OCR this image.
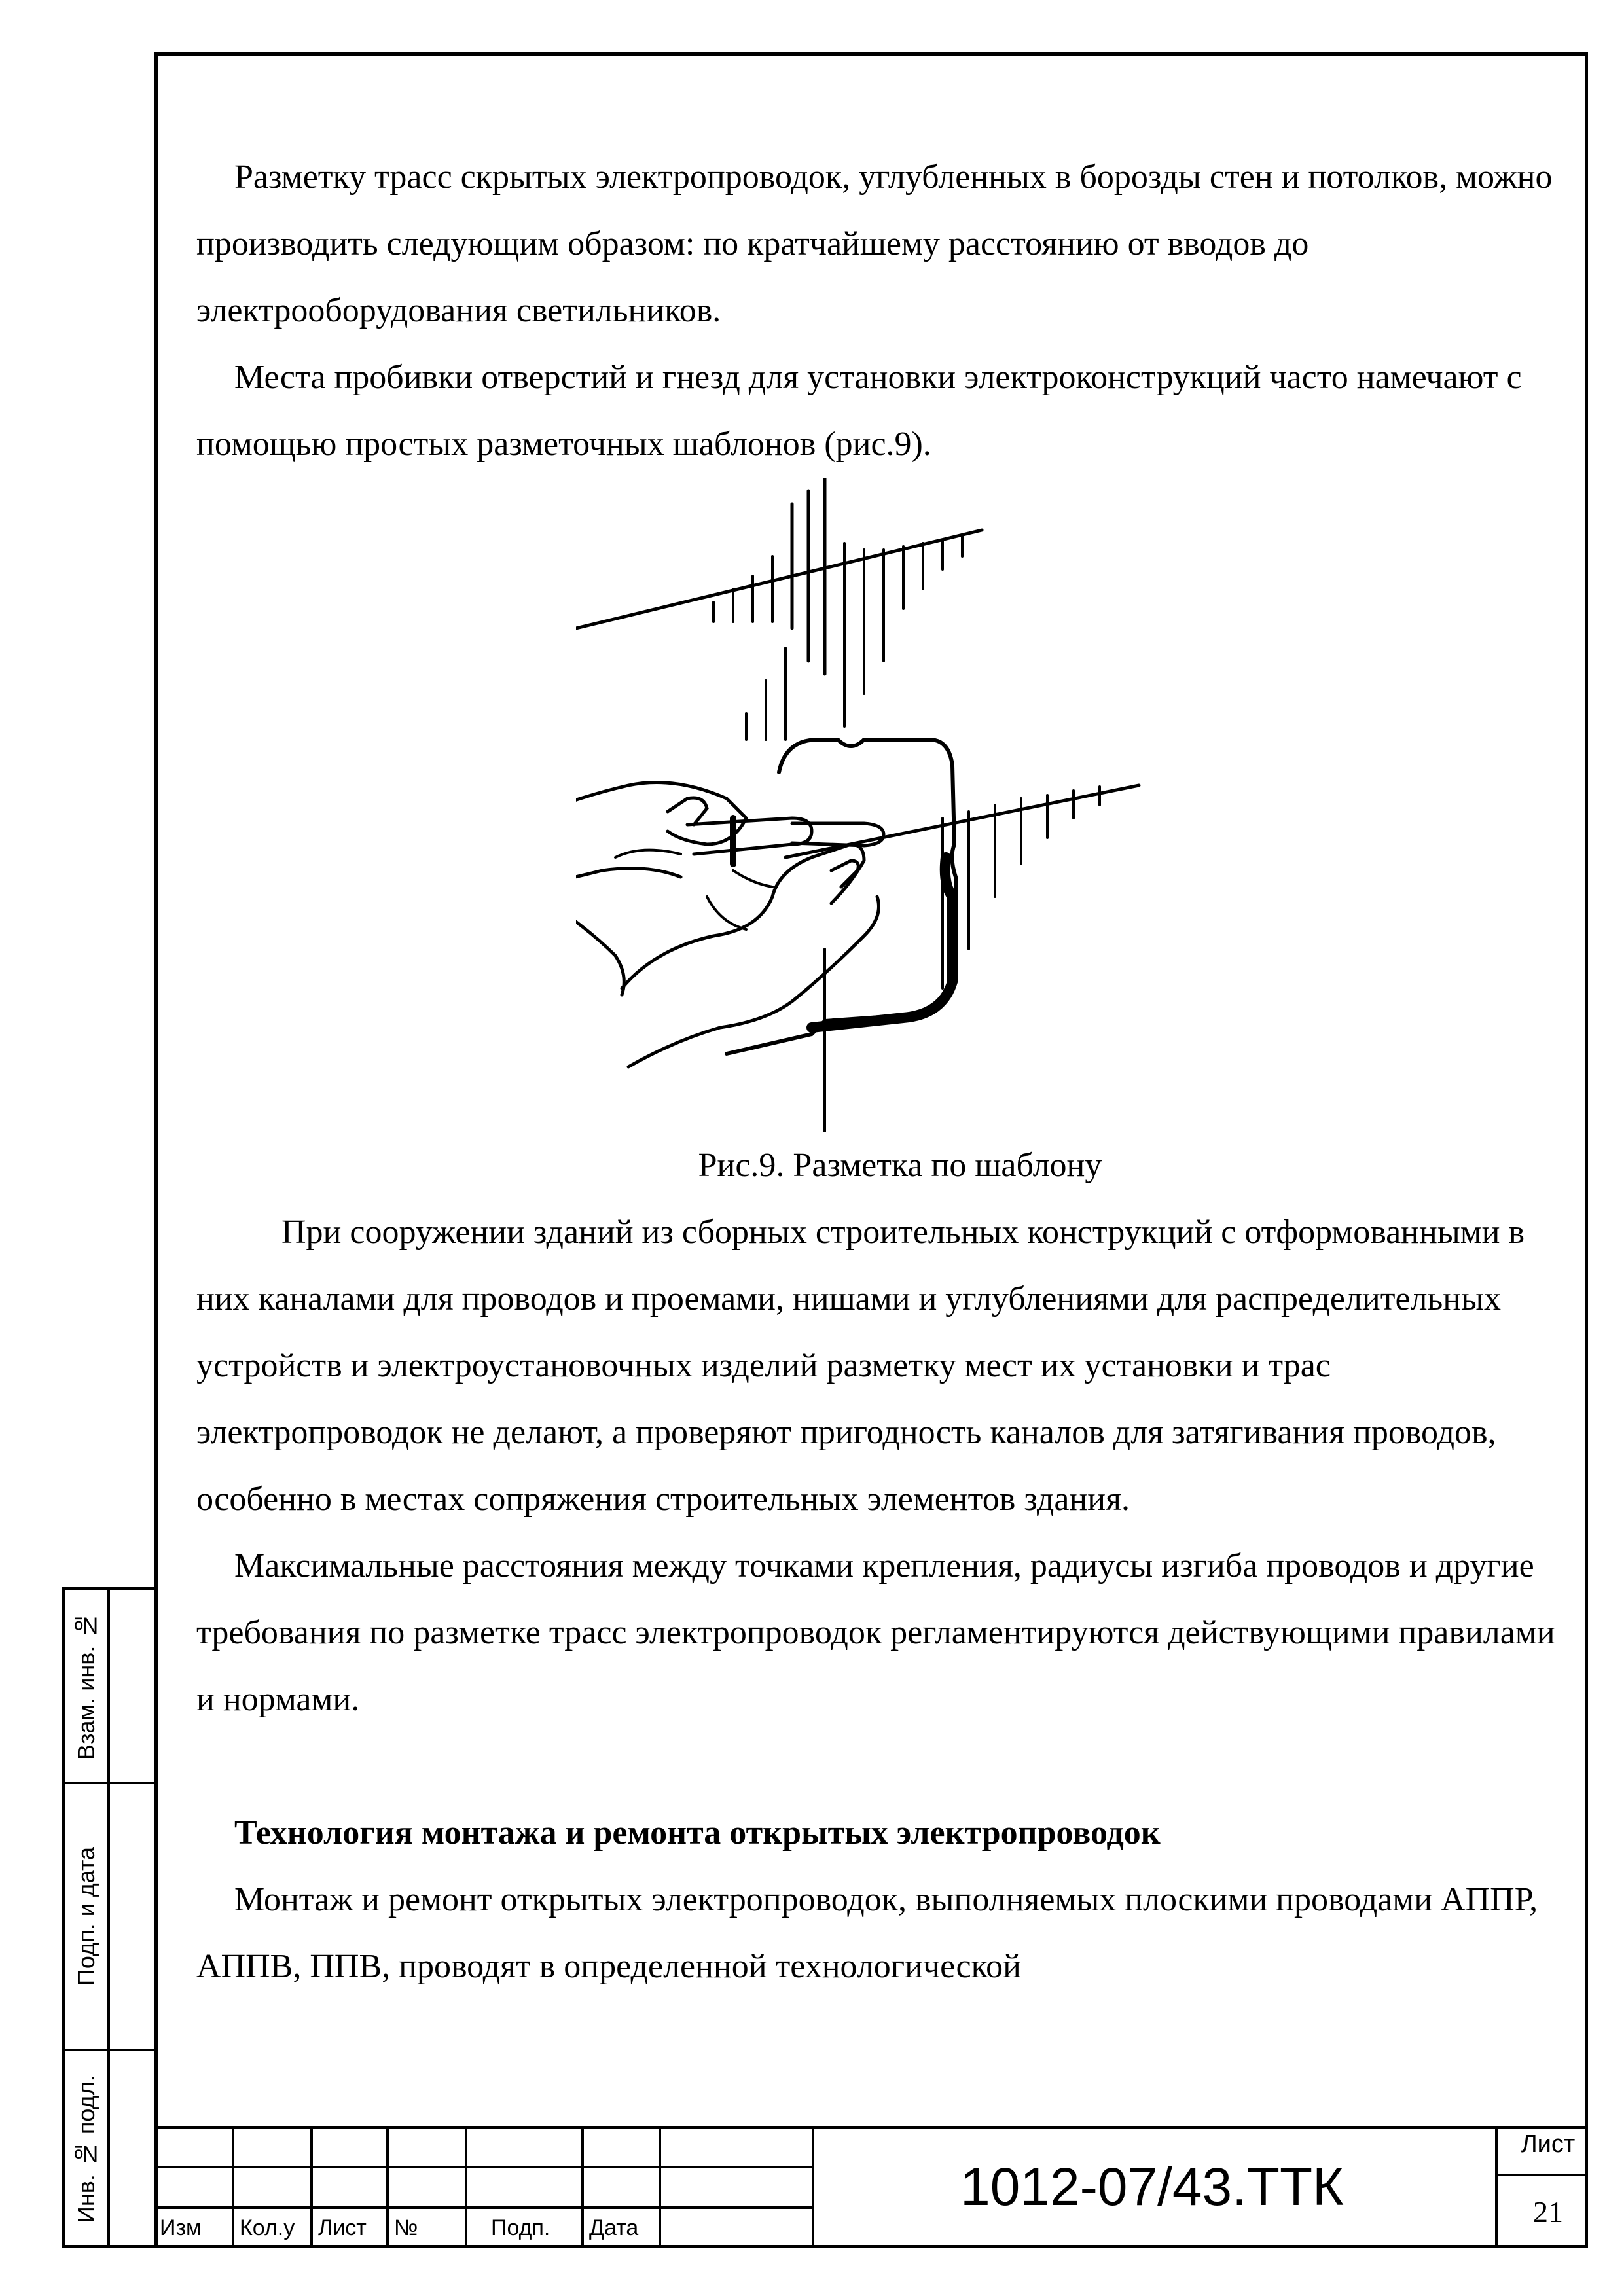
Разметку трасс скрытых электропроводок, углубленных в борозды стен и потолков, можно производить следующим образом: по кратчайшему расстоянию от вводов до электрооборудования светильников.

Места пробивки отверстий и гнезд для установки электроконструкций часто намечают с помощью простых разметочных шаблонов (рис.9).

Рис.9. Разметка по шаблону

При сооружении зданий из сборных строительных конструкций с отформованными в них каналами для проводов и проемами, нишами и углублениями для распределительных устройств и электроустановочных изделий разметку мест их установки и трас электропроводок не делают, а проверяют пригодность каналов для затягивания проводов, особенно в местах сопряжения строительных элементов здания.

Максимальные расстояния между точками крепления, радиусы изгиба проводов и другие требования по разметке трасс электропроводок регламентируются действующими правилами и нормами.

Технология монтажа и ремонта открытых электропроводок

Монтаж и ремонт открытых электропроводок, выполняемых плоскими проводами АППР, АППВ, ППВ, проводят в определенной технологической

Взам. инв. №
Подп. и дата
Инв. № подл.
Изм	Кол.у	Лист	№	Подп.	Дата
1012-07/43.ТТК
Лист
21
